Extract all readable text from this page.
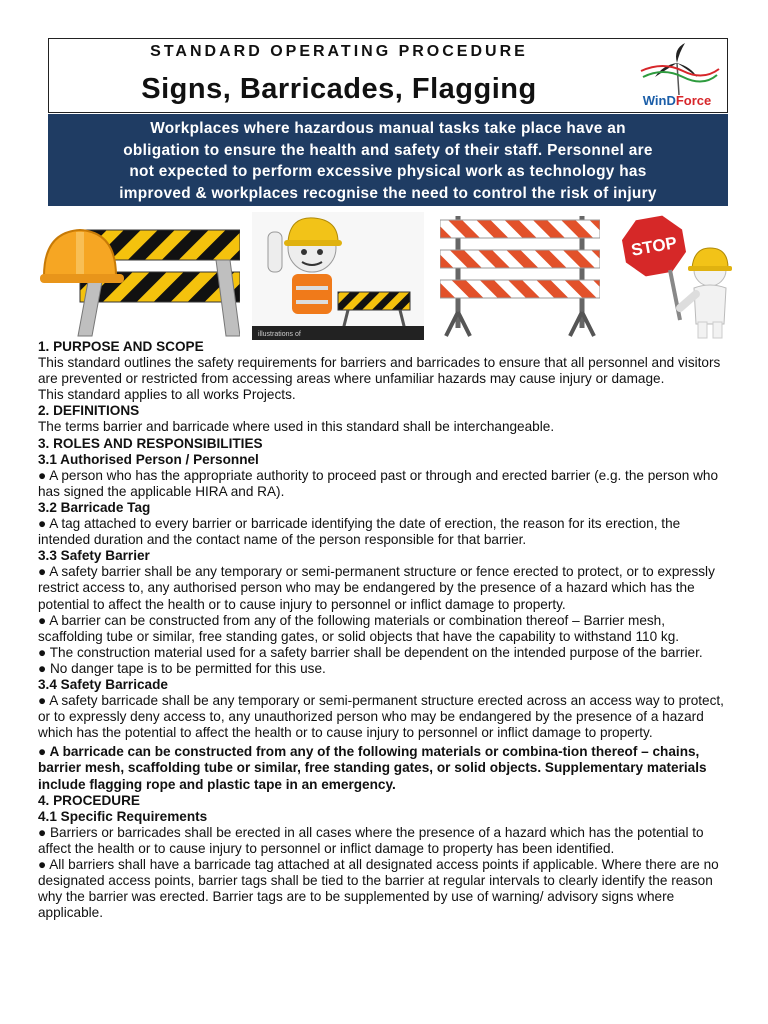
STANDARD OPERATING PROCEDURE
Signs, Barricades, Flagging	WinDForce
Workplaces where hazardous manual tasks take place have an
obligation to ensure the health and safety of their staff. Personnel are
not expected to perform excessive physical work as technology has
improved & workplaces recognise the need to control the risk of injury
illustrations of
STOP

1. PURPOSE AND SCOPE

This standard outlines the safety requirements for barriers and barricades to ensure that all personnel and visitors are prevented or restricted from accessing areas where unfamiliar hazards may cause injury or damage.

This standard applies to all works Projects.

2. DEFINITIONS

The terms barrier and barricade where used in this standard shall be interchangeable.

3. ROLES AND RESPONSIBILITIES

3.1 Authorised Person / Personnel

● A person who has the appropriate authority to proceed past or through and erected barrier (e.g. the person who has signed the applicable HIRA and RA).

3.2 Barricade Tag

● A tag attached to every barrier or barricade identifying the date of erection, the reason for its erection, the intended duration and the contact name of the person responsible for that barrier.

3.3 Safety Barrier

● A safety barrier shall be any temporary or semi-permanent structure or fence erected to protect, or to expressly restrict access to, any authorised person who may be endangered by the presence of a hazard which has the potential to affect the health or to cause injury to personnel or inflict damage to property.

● A barrier can be constructed from any of the following materials or combination thereof – Barrier mesh, scaffolding tube or similar, free standing gates, or solid objects that have the capability to withstand 110 kg.

● The construction material used for a safety barrier shall be dependent on the intended purpose of the barrier.

● No danger tape is to be permitted for this use.

3.4 Safety Barricade

● A safety barricade shall be any temporary or semi-permanent structure erected across an access way to protect, or to expressly deny access to, any unauthorized person who may be endangered by the presence of a hazard which has the potential to affect the health or to cause injury to personnel or inflict damage to property.

● A barricade can be constructed from any of the following materials or combina-tion thereof – chains, barrier mesh, scaffolding tube or similar, free standing gates, or solid objects. Supplementary materials include flagging rope and plastic tape in an emergency.

4. PROCEDURE

4.1 Specific Requirements

● Barriers or barricades shall be erected in all cases where the presence of a hazard which has the potential to affect the health or to cause injury to personnel or inflict damage to property has been identified.

● All barriers shall have a barricade tag attached at all designated access points if applicable. Where there are no designated access points, barrier tags shall be tied to the barrier at regular intervals to clearly identify the reason why the barrier was erected. Barrier tags are to be supplemented by use of warning/ advisory signs where applicable.
